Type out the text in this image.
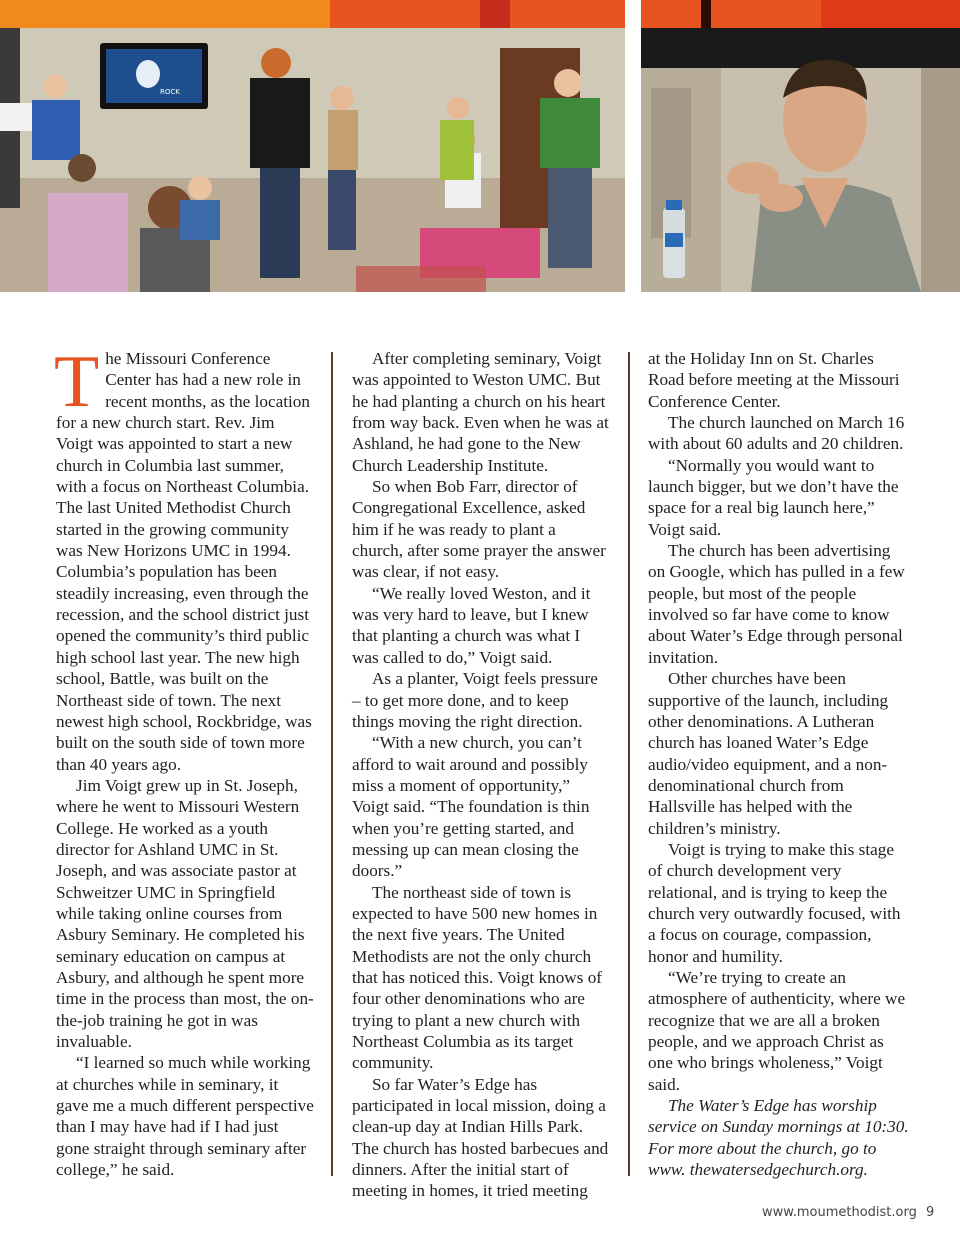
ROCK

The Missouri Conference Center has had a new role in recent months, as the location for a new church start. Rev. Jim Voigt was appointed to start a new church in Columbia last summer, with a focus on Northeast Columbia. The last United Methodist Church started in the growing community was New Horizons UMC in 1994. Columbia’s population has been steadily increasing, even through the recession, and the school district just opened the community’s third public high school last year. The new high school, Battle, was built on the Northeast side of town. The next newest high school, Rockbridge, was built on the south side of town more than 40 years ago.

Jim Voigt grew up in St. Joseph, where he went to Missouri Western College. He worked as a youth director for Ashland UMC in St. Joseph, and was associate pastor at Schweitzer UMC in Springfield while taking online courses from Asbury Seminary. He completed his seminary education on campus at Asbury, and although he spent more time in the process than most, the on-the-job training he got in was invaluable.

“I learned so much while working at churches while in seminary, it gave me a much different perspective than I may have had if I had just gone straight through seminary after college,” he said.

After completing seminary, Voigt was appointed to Weston UMC. But he had planting a church on his heart from way back. Even when he was at Ashland, he had gone to the New Church Leadership Institute.

So when Bob Farr, director of Congregational Excellence, asked him if he was ready to plant a church, after some prayer the answer was clear, if not easy.

“We really loved Weston, and it was very hard to leave, but I knew that planting a church was what I was called to do,” Voigt said.

As a planter, Voigt feels pressure – to get more done, and to keep things moving the right direction.

“With a new church, you can’t afford to wait around and possibly miss a moment of opportunity,” Voigt said. “The foundation is thin when you’re getting started, and messing up can mean closing the doors.”

The northeast side of town is expected to have 500 new homes in the next five years. The United Methodists are not the only church that has noticed this. Voigt knows of four other denominations who are trying to plant a new church with Northeast Columbia as its target community.

So far Water’s Edge has participated in local mission, doing a clean-up day at Indian Hills Park. The church has hosted barbecues and dinners. After the initial start of meeting in homes, it tried meeting

at the Holiday Inn on St. Charles Road before meeting at the Missouri Conference Center.

The church launched on March 16 with about 60 adults and 20 children.

“Normally you would want to launch bigger, but we don’t have the space for a real big launch here,” Voigt said.

The church has been advertising on Google, which has pulled in a few people, but most of the people involved so far have come to know about Water’s Edge through personal invitation.

Other churches have been supportive of the launch, including other denominations. A Lutheran church has loaned Water’s Edge audio/video equipment, and a non-denominational church from Hallsville has helped with the children’s ministry.

Voigt is trying to make this stage of church development very relational, and is trying to keep the church very outwardly focused, with a focus on courage, compassion, honor and humility.

“We’re trying to create an atmosphere of authenticity, where we recognize that we are all a broken people, and we approach Christ as one who brings wholeness,” Voigt said.

The Water’s Edge has worship service on Sunday mornings at 10:30. For more about the church, go to www. thewatersedgechurch.org.

www.moumethodist.org 9
